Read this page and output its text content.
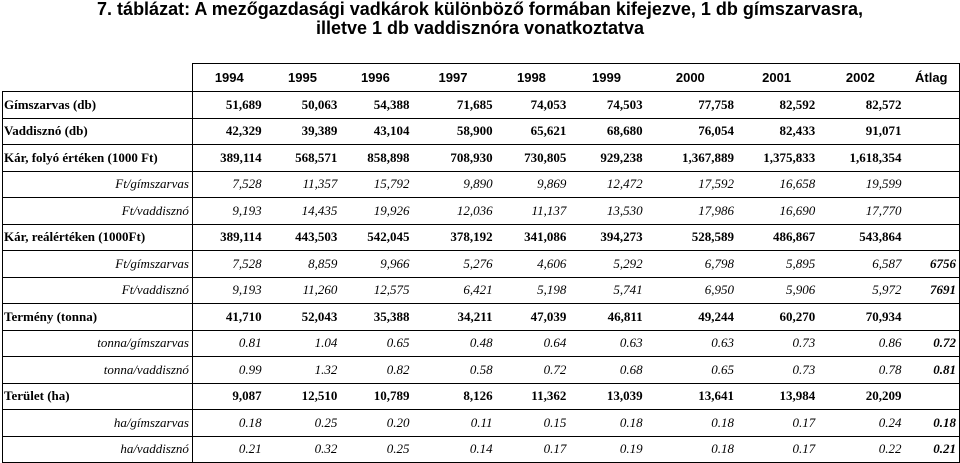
7. táblázat: A mezőgazdasági vadkárok különböző formában kifejezve, 1 db gímszarvasra,
illetve 1 db vaddisznóra vonatkoztatva
	1994	1995	1996	1997	1998	1999	2000	2001	2002	Átlag
Gímszarvas (db)	51,689	50,063	54,388	71,685	74,053	74,503	77,758	82,592	82,572	
Vaddisznó (db)	42,329	39,389	43,104	58,900	65,621	68,680	76,054	82,433	91,071	
Kár, folyó értéken (1000 Ft)	389,114	568,571	858,898	708,930	730,805	929,238	1,367,889	1,375,833	1,618,354	
Ft/gímszarvas	7,528	11,357	15,792	9,890	9,869	12,472	17,592	16,658	19,599	
Ft/vaddisznó	9,193	14,435	19,926	12,036	11,137	13,530	17,986	16,690	17,770	
Kár, reálértéken (1000Ft)	389,114	443,503	542,045	378,192	341,086	394,273	528,589	486,867	543,864	
Ft/gímszarvas	7,528	8,859	9,966	5,276	4,606	5,292	6,798	5,895	6,587	6756
Ft/vaddisznó	9,193	11,260	12,575	6,421	5,198	5,741	6,950	5,906	5,972	7691
Termény (tonna)	41,710	52,043	35,388	34,211	47,039	46,811	49,244	60,270	70,934	
tonna/gímszarvas	0.81	1.04	0.65	0.48	0.64	0.63	0.63	0.73	0.86	0.72
tonna/vaddisznó	0.99	1.32	0.82	0.58	0.72	0.68	0.65	0.73	0.78	0.81
Terület (ha)	9,087	12,510	10,789	8,126	11,362	13,039	13,641	13,984	20,209	
ha/gímszarvas	0.18	0.25	0.20	0.11	0.15	0.18	0.18	0.17	0.24	0.18
ha/vaddisznó	0.21	0.32	0.25	0.14	0.17	0.19	0.18	0.17	0.22	0.21
